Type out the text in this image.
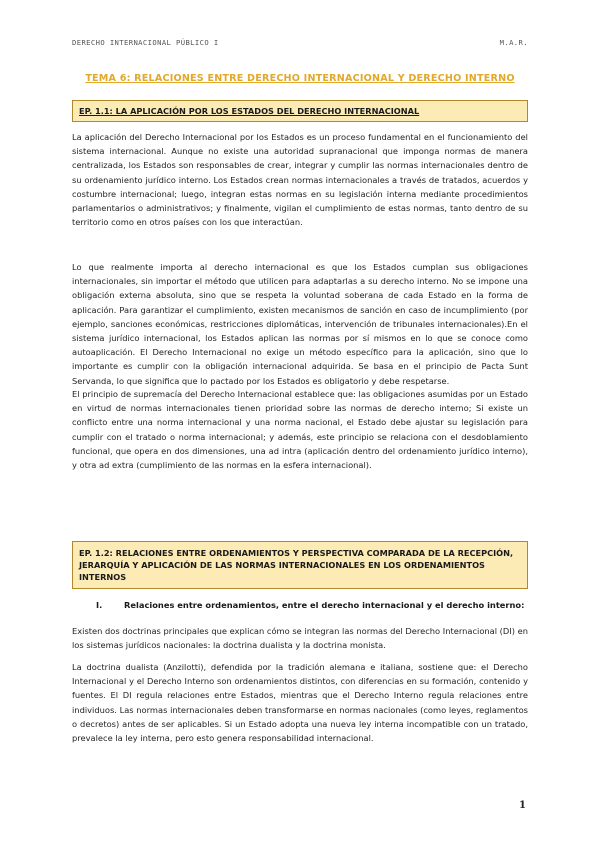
DERECHO INTERNACIONAL PÚBLICO I	M.A.R.
TEMA 6: RELACIONES ENTRE DERECHO INTERNACIONAL Y DERECHO INTERNO
EP. 1.1: LA APLICACIÓN POR LOS ESTADOS DEL DERECHO INTERNACIONAL

La aplicación del Derecho Internacional por los Estados es un proceso fundamental en el funcionamiento del sistema internacional. Aunque no existe una autoridad supranacional que imponga normas de manera centralizada, los Estados son responsables de crear, integrar y cumplir las normas internacionales dentro de su ordenamiento jurídico interno. Los Estados crean normas internacionales a través de tratados, acuerdos y costumbre internacional; luego, integran estas normas en su legislación interna mediante procedimientos parlamentarios o administrativos; y finalmente, vigilan el cumplimiento de estas normas, tanto dentro de su territorio como en otros países con los que interactúan.

Lo que realmente importa al derecho internacional es que los Estados cumplan sus obligaciones internacionales, sin importar el método que utilicen para adaptarlas a su derecho interno. No se impone una obligación externa absoluta, sino que se respeta la voluntad soberana de cada Estado en la forma de aplicación. Para garantizar el cumplimiento, existen mecanismos de sanción en caso de incumplimiento (por ejemplo, sanciones económicas, restricciones diplomáticas, intervención de tribunales internacionales).En el sistema jurídico internacional, los Estados aplican las normas por sí mismos en lo que se conoce como autoaplicación. El Derecho Internacional no exige un método específico para la aplicación, sino que lo importante es cumplir con la obligación internacional adquirida. Se basa en el principio de Pacta Sunt Servanda, lo que significa que lo pactado por los Estados es obligatorio y debe respetarse.

El principio de supremacía del Derecho Internacional establece que: las obligaciones asumidas por un Estado en virtud de normas internacionales tienen prioridad sobre las normas de derecho interno; Si existe un conflicto entre una norma internacional y una norma nacional, el Estado debe ajustar su legislación para cumplir con el tratado o norma internacional; y además, este principio se relaciona con el desdoblamiento funcional, que opera en dos dimensiones, una ad intra (aplicación dentro del ordenamiento jurídico interno), y otra ad extra (cumplimiento de las normas en la esfera internacional).

EP. 1.2: RELACIONES ENTRE ORDENAMIENTOS Y PERSPECTIVA COMPARADA DE LA RECEPCIÓN, JERARQUÍA Y APLICACIÓN DE LAS NORMAS INTERNACIONALES EN LOS ORDENAMIENTOS INTERNOS
I.	Relaciones entre ordenamientos, entre el derecho internacional y el derecho interno:

Existen dos doctrinas principales que explican cómo se integran las normas del Derecho Internacional (DI) en los sistemas jurídicos nacionales: la doctrina dualista y la doctrina monista.

La doctrina dualista (Anzilotti), defendida por la tradición alemana e italiana, sostiene que: el Derecho Internacional y el Derecho Interno son ordenamientos distintos, con diferencias en su formación, contenido y fuentes. El DI regula relaciones entre Estados, mientras que el Derecho Interno regula relaciones entre individuos. Las normas internacionales deben transformarse en normas nacionales (como leyes, reglamentos o decretos) antes de ser aplicables. Si un Estado adopta una nueva ley interna incompatible con un tratado, prevalece la ley interna, pero esto genera responsabilidad internacional.

1
